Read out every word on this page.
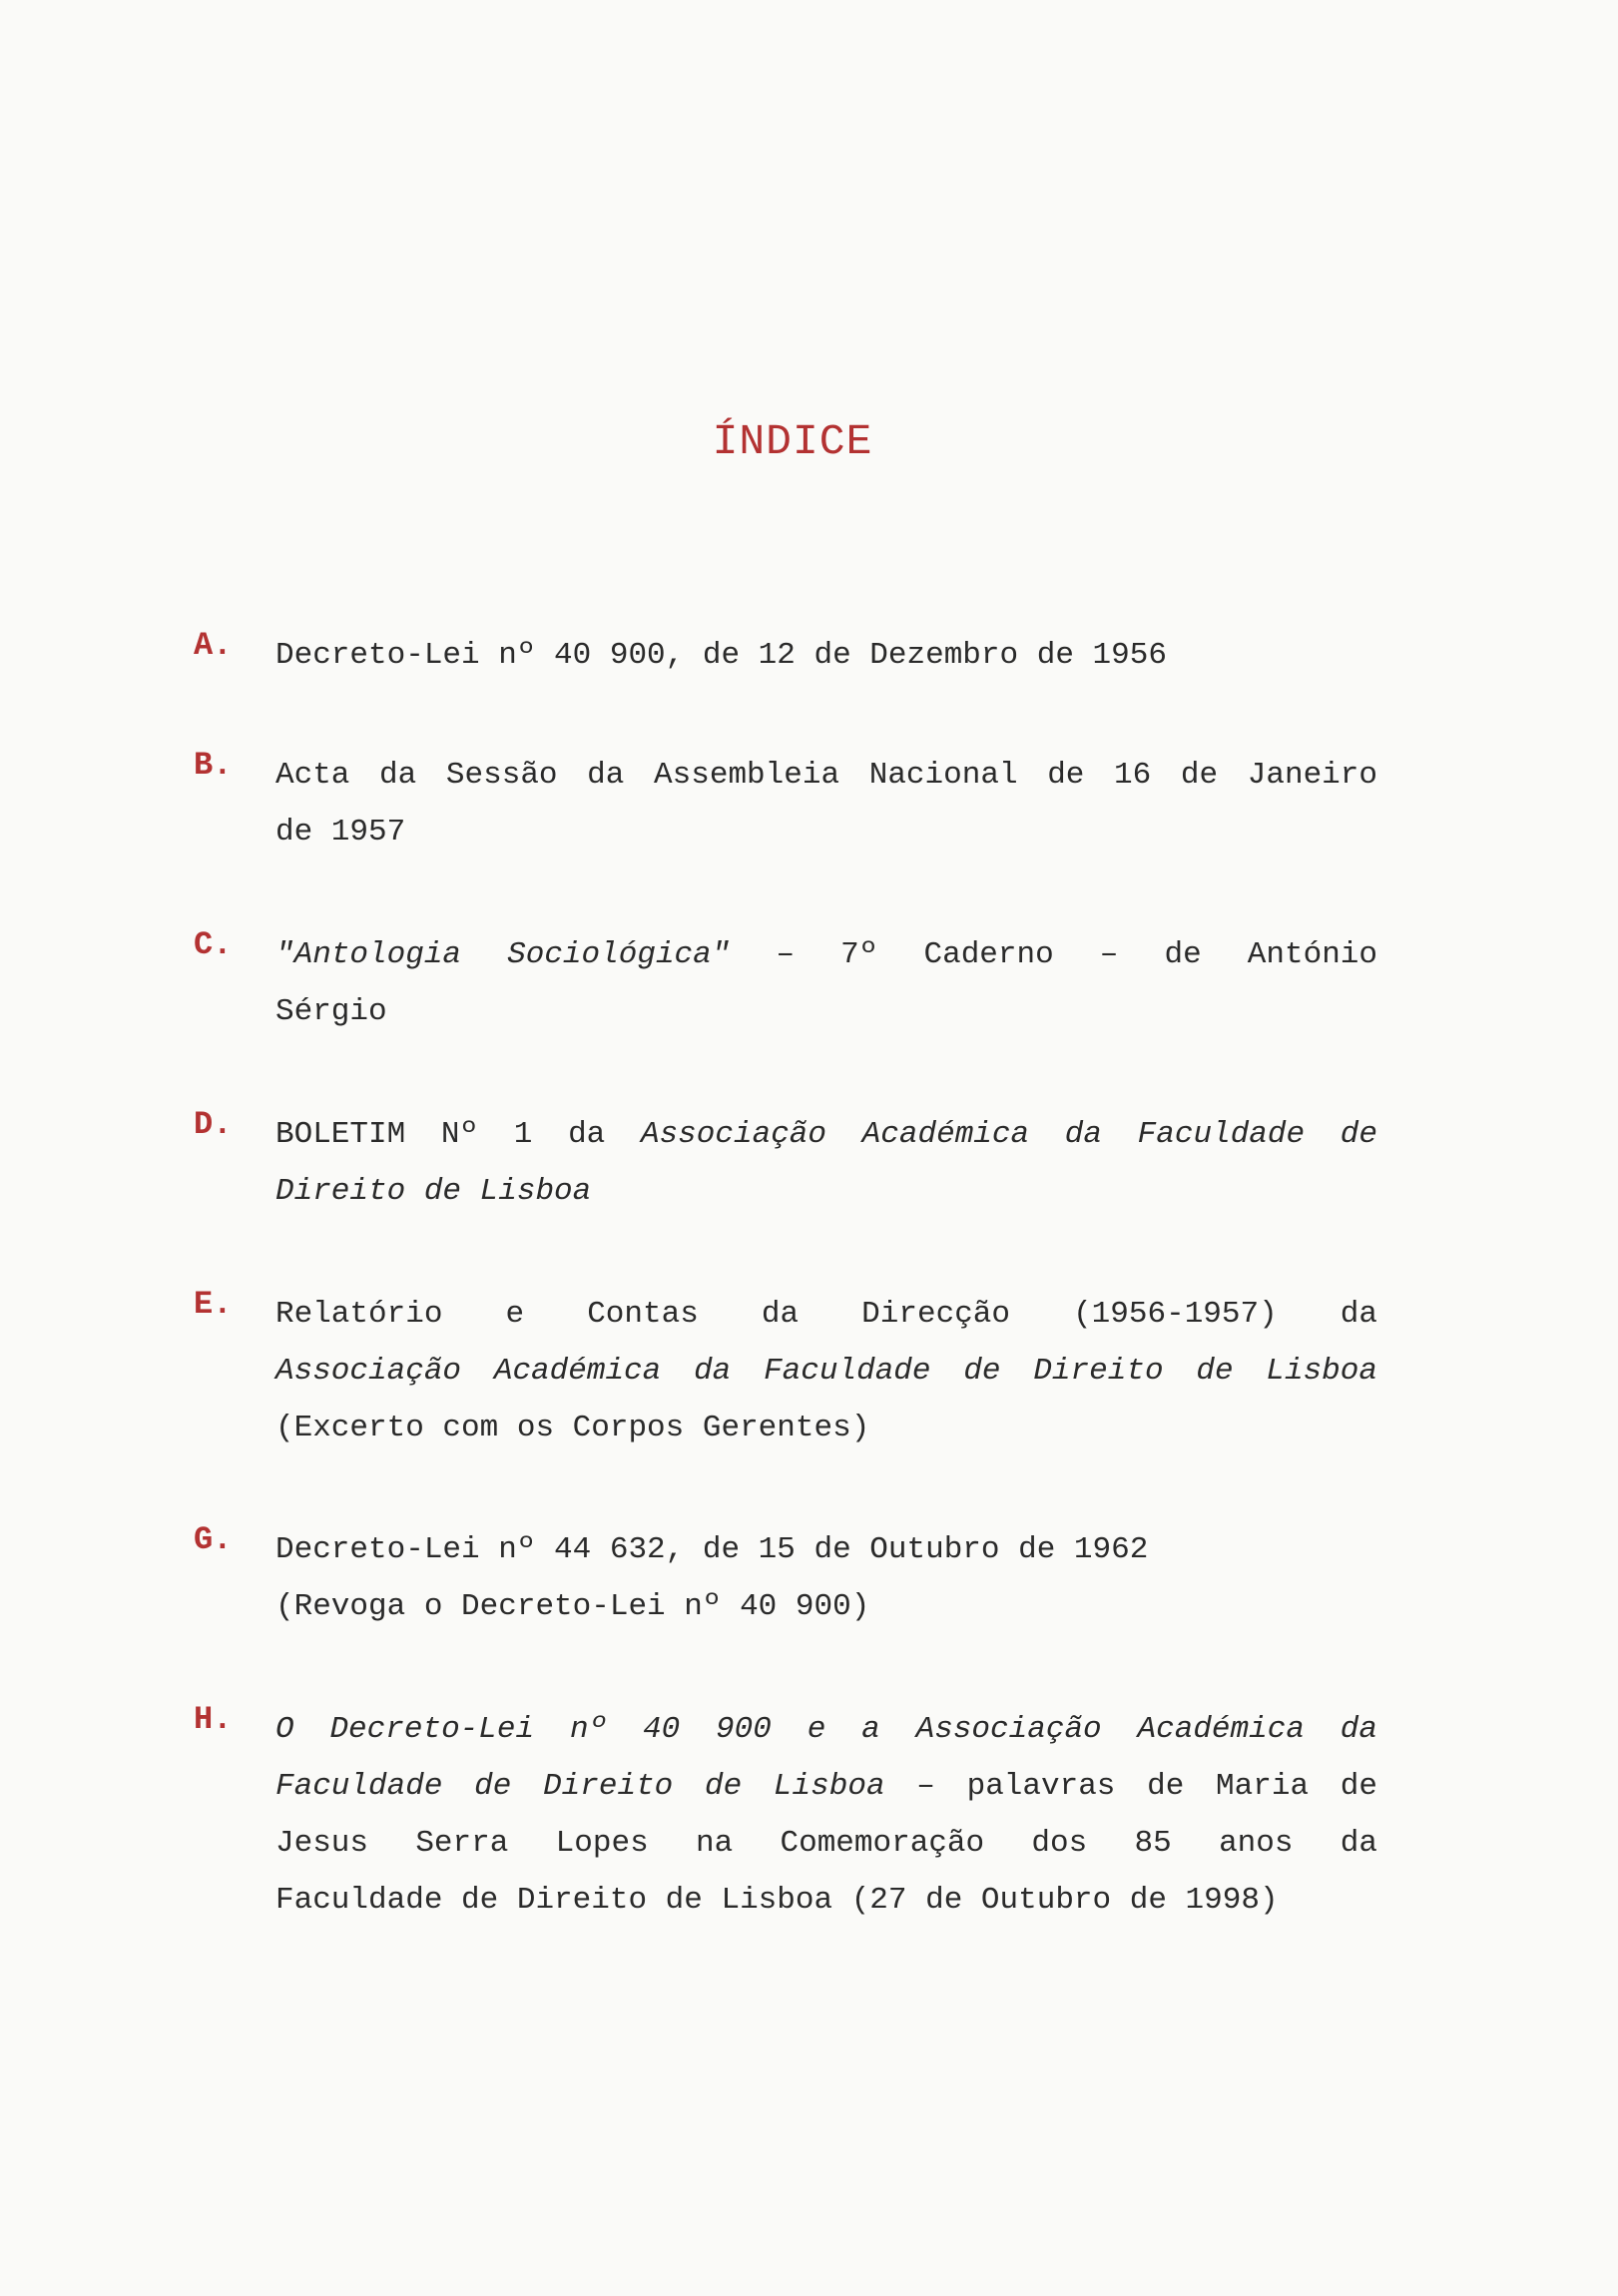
ÍNDICE
A. Decreto-Lei nº 40 900, de 12 de Dezembro de 1956

B. Acta da Sessão da Assembleia Nacional de 16 de Janeiro

de 1957

C. "Antologia Sociológica" – 7º Caderno – de António

Sérgio

D. BOLETIM Nº 1 da Associação Académica da Faculdade de

Direito de Lisboa

E. Relatório e Contas da Direcção (1956-1957) da

Associação Académica da Faculdade de Direito de Lisboa

(Excerto com os Corpos Gerentes)

G. Decreto-Lei nº 44 632, de 15 de Outubro de 1962

(Revoga o Decreto-Lei nº 40 900)

H. O Decreto-Lei nº 40 900 e a Associação Académica da

Faculdade de Direito de Lisboa – palavras de Maria de

Jesus Serra Lopes na Comemoração dos 85 anos da

Faculdade de Direito de Lisboa (27 de Outubro de 1998)
